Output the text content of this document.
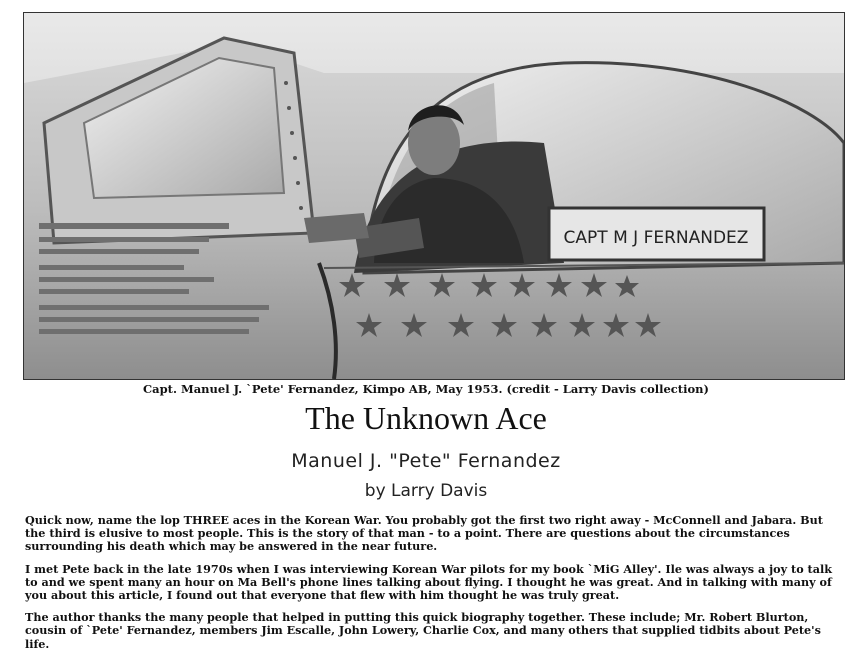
CAPT M J FERNANDEZ
Capt. Manuel J. `Pete' Fernandez, Kimpo AB, May 1953. (credit - Larry Davis collection)
The Unknown Ace
Manuel J. "Pete" Fernandez
by Larry Davis

Quick now, name the lop THREE aces in the Korean War. You probably got the first two right away - McConnell and Jabara. But the third is elusive to most people. This is the story of that man - to a point. There are questions about the circumstances surrounding his death which may be answered in the near future.

I met Pete back in the late 1970s when I was interviewing Korean War pilots for my book `MiG Alley'. Ile was always a joy to talk to and we spent many an hour on Ma Bell's phone lines talking about flying. I thought he was great. And in talking with many of you about this article, I found out that everyone that flew with him thought he was truly great.

The author thanks the many people that helped in putting this quick biography together. These include; Mr. Robert Blurton, cousin of `Pete' Fernandez, members Jim Escalle, John Lowery, Charlie Cox, and many others that supplied tidbits about Pete's life.
